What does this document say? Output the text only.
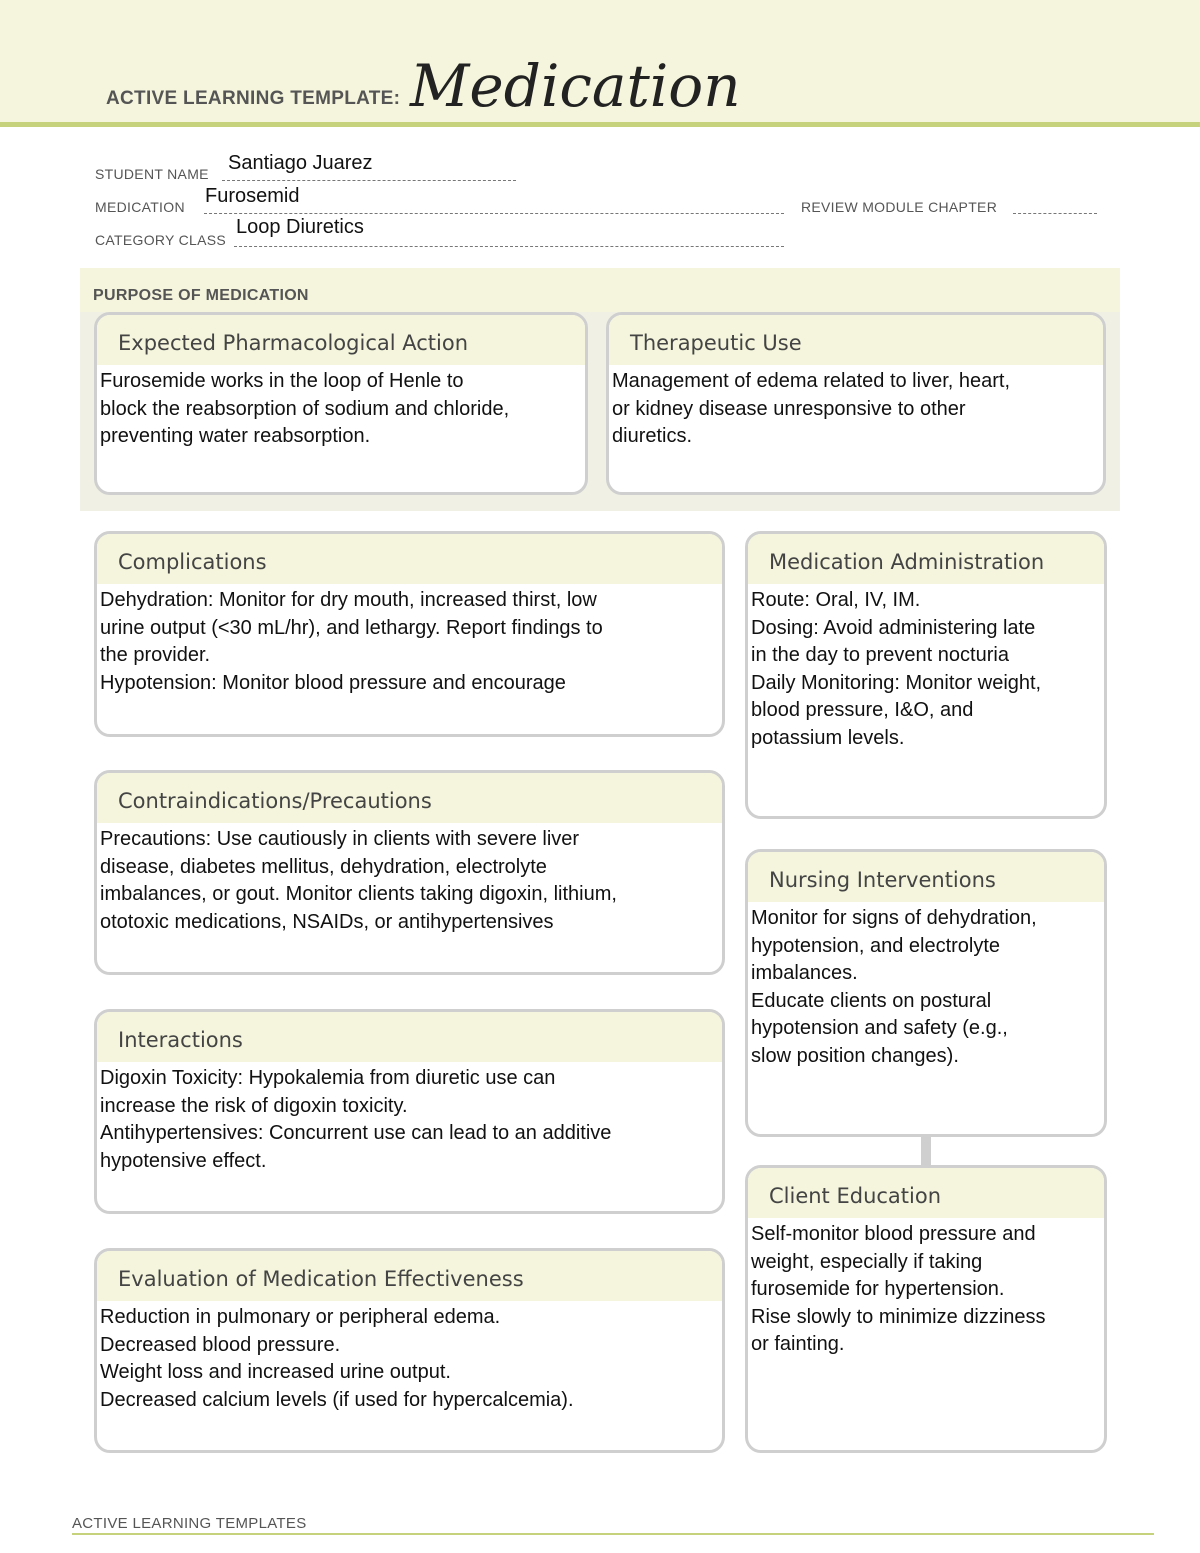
ACTIVE LEARNING TEMPLATE: Medication
STUDENT NAME Santiago Juarez
MEDICATION Furosemid	REVIEW MODULE CHAPTER
CATEGORY CLASS
Loop Diuretics
PURPOSE OF MEDICATION
Expected Pharmacological Action
Furosemide works in the loop of Henle to
block the reabsorption of sodium and chloride,
preventing water reabsorption.
Therapeutic Use
Management of edema related to liver, heart,
or kidney disease unresponsive to other
diuretics.
Complications
Dehydration: Monitor for dry mouth, increased thirst, low
urine output (<30 mL/hr), and lethargy. Report findings to
the provider.
Hypotension: Monitor blood pressure and encourage
Contraindications/Precautions
Precautions: Use cautiously in clients with severe liver
disease, diabetes mellitus, dehydration, electrolyte
imbalances, or gout. Monitor clients taking digoxin, lithium,
ototoxic medications, NSAIDs, or antihypertensives
Interactions
Digoxin Toxicity: Hypokalemia from diuretic use can
increase the risk of digoxin toxicity.
Antihypertensives: Concurrent use can lead to an additive
hypotensive effect.
Evaluation of Medication Effectiveness
Reduction in pulmonary or peripheral edema.
Decreased blood pressure.
Weight loss and increased urine output.
Decreased calcium levels (if used for hypercalcemia).
Medication Administration
Route: Oral, IV, IM.
Dosing: Avoid administering late
in the day to prevent nocturia
Daily Monitoring: Monitor weight,
blood pressure, I&O, and
potassium levels.
Nursing Interventions
Monitor for signs of dehydration,
hypotension, and electrolyte
imbalances.
Educate clients on postural
hypotension and safety (e.g.,
slow position changes).
Client Education
Self-monitor blood pressure and
weight, especially if taking
furosemide for hypertension.
Rise slowly to minimize dizziness
or fainting.
ACTIVE LEARNING TEMPLATES
